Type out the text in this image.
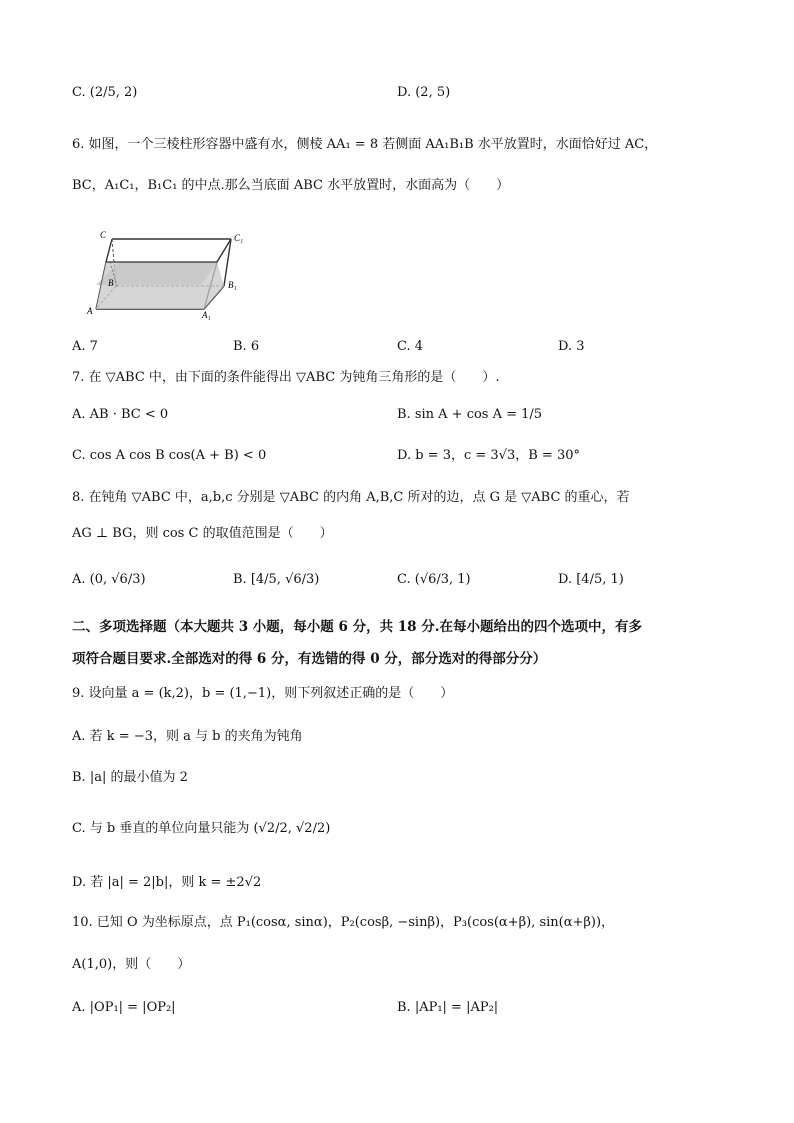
C. (2/5, 2)	D. (2, 5)
6. 如图，一个三棱柱形容器中盛有水，侧棱 AA₁ = 8 若侧面 AA₁B₁B 水平放置时，水面恰好过 AC，
BC，A₁C₁，B₁C₁ 的中点.那么当底面 ABC 水平放置时，水面高为（　　）
C	C₁
B	B₁
A	A₁
A. 7	B. 6	C. 4	D. 3
7. 在 ▽ABC 中，由下面的条件能得出 ▽ABC 为钝角三角形的是（　　）.
A. AB · BC < 0	B. sin A + cos A = 1/5
C. cos A cos B cos(A + B) < 0	D. b = 3，c = 3√3，B = 30°
8. 在钝角 ▽ABC 中，a,b,c 分别是 ▽ABC 的内角 A,B,C 所对的边，点 G 是 ▽ABC 的重心，若
AG ⊥ BG，则 cos C 的取值范围是（　　）
A. (0, √6/3)	B. [4/5, √6/3)	C. (√6/3, 1)	D. [4/5, 1)
二、多项选择题（本大题共 3 小题，每小题 6 分，共 18 分.在每小题给出的四个选项中，有多
项符合题目要求.全部选对的得 6 分，有选错的得 0 分，部分选对的得部分分）
9. 设向量 a = (k,2)，b = (1,−1)，则下列叙述正确的是（　　）
A. 若 k = −3，则 a 与 b 的夹角为钝角
B. |a| 的最小值为 2
C. 与 b 垂直的单位向量只能为 (√2/2, √2/2)
D. 若 |a| = 2|b|，则 k = ±2√2
10. 已知 O 为坐标原点，点 P₁(cosα, sinα)，P₂(cosβ, −sinβ)，P₃(cos(α+β), sin(α+β))，
A(1,0)，则（　　）
A. |OP₁| = |OP₂|	B. |AP₁| = |AP₂|
